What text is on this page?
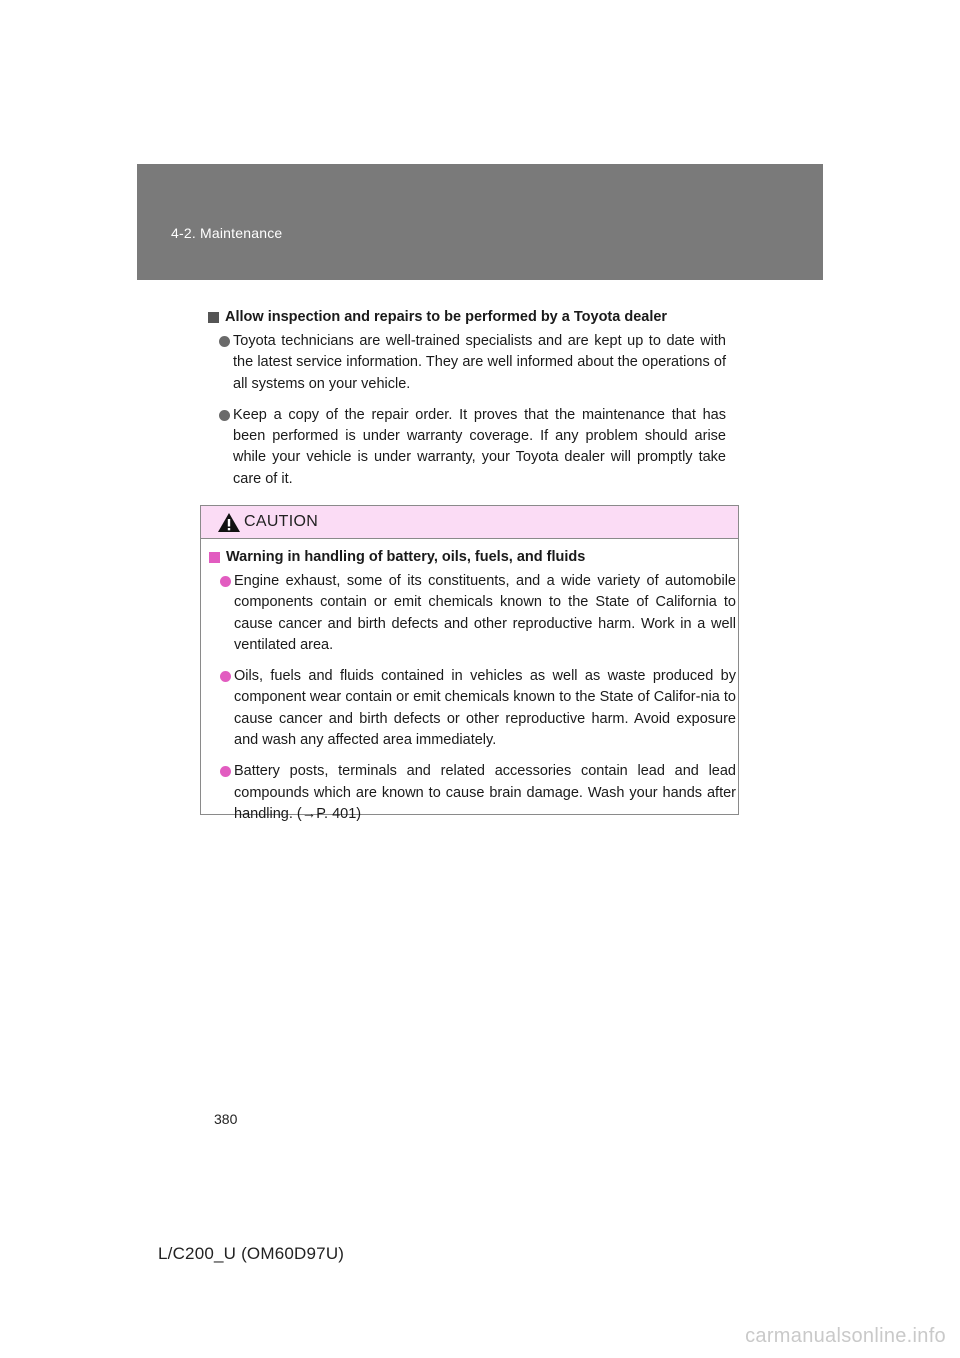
4-2. Maintenance
Allow inspection and repairs to be performed by a Toyota dealer
Toyota technicians are well-trained specialists and are kept up to date with the latest service information. They are well informed about the operations of all systems on your vehicle.
Keep a copy of the repair order. It proves that the maintenance that has been performed is under warranty coverage. If any problem should arise while your vehicle is under warranty, your Toyota dealer will promptly take care of it.
CAUTION
Warning in handling of battery, oils, fuels, and fluids
Engine exhaust, some of its constituents, and a wide variety of automobile components contain or emit chemicals known to the State of California to cause cancer and birth defects and other reproductive harm. Work in a well ventilated area.
Oils, fuels and fluids contained in vehicles as well as waste produced by component wear contain or emit chemicals known to the State of Califor-nia to cause cancer and birth defects or other reproductive harm. Avoid exposure and wash any affected area immediately.
Battery posts, terminals and related accessories contain lead and lead compounds which are known to cause brain damage. Wash your hands after handling. (→P. 401)
380
L/C200_U (OM60D97U)
carmanualsonline.info
